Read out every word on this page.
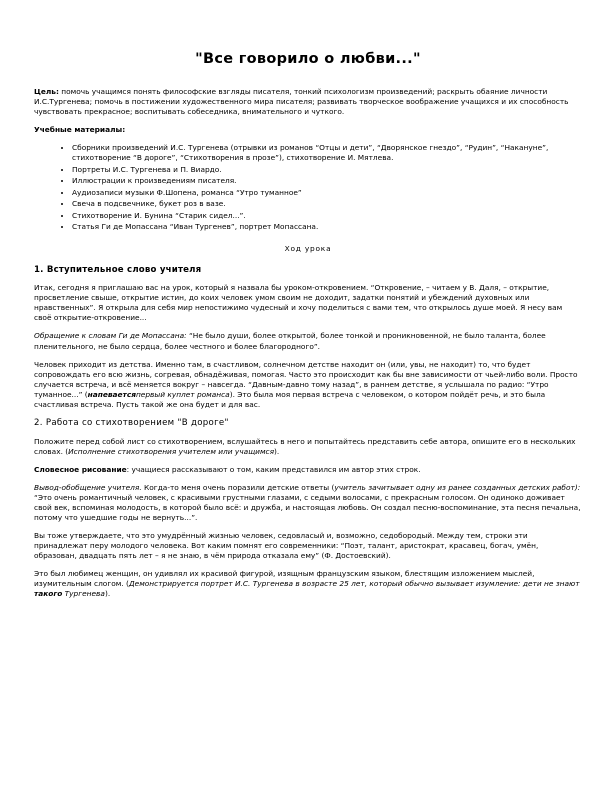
"Все говорило о любви..."

Цель: помочь учащимся понять философские взгляды писателя, тонкий психологизм произведений; раскрыть обаяние личности И.С.Тургенева; помочь в постижении художественного мира писателя; развивать творческое воображение учащихся и их способность чувствовать прекрасное; воспитывать собеседника, внимательного и чуткого.

Учебные материалы:

• Сборники произведений И.С. Тургенева (отрывки из романов “Отцы и дети”, “Дворянское гнездо”, “Рудин”, “Накануне”, стихотворение “В дороге”, “Стихотворения в прозе”), стихотворение И. Мятлева.
• Портреты И.С. Тургенева и П. Виардо.
• Иллюстрации к произведениям писателя.
• Аудиозаписи музыки Ф.Шопена, романса “Утро туманное”
• Свеча в подсвечнике, букет роз в вазе.
• Стихотворение И. Бунина “Старик сидел...”.
• Статья Ги де Мопассана “Иван Тургенев”, портрет Мопассана.

Ход урока

1. Вступительное слово учителя

Итак, сегодня я приглашаю вас на урок, который я назвала бы уроком-откровением. “Откровение, – читаем у В. Даля, – открытие, просветление свыше, открытие истин, до коих человек умом своим не доходит, задатки понятий и убеждений духовных или нравственных”. Я открыла для себя мир непостижимо чудесный и хочу поделиться с вами тем, что открылось душе моей. Я несу вам своё открытие-откровение...

Обращение к словам Ги де Мопассана: “Не было души, более открытой, более тонкой и проникновенной, не было таланта, более пленительного, не было сердца, более честного и более благородного”.

Человек приходит из детства. Именно там, в счастливом, солнечном детстве находит он (или, увы, не находит) то, что будет сопровождать его всю жизнь, согревая, обнадёживая, помогая. Часто это происходит как бы вне зависимости от чьей-либо воли. Просто случается встреча, и всё меняется вокруг – навсегда. “Давным-давно тому назад”, в раннем детстве, я услышала по радио: “Утро туманное...” (напеваетсяпервый куплет романса). Это была моя первая встреча с человеком, о котором пойдёт речь, и это была счастливая встреча. Пусть такой же она будет и для вас.

2. Работа со стихотворением "В дороге"

Положите перед собой лист со стихотворением, вслушайтесь в него и попытайтесь представить себе автора, опишите его в нескольких словах. (Исполнение стихотворения учителем или учащимся).

Словесное рисование: учащиеся рассказывают о том, каким представился им автор этих строк.

Вывод-обобщение учителя. Когда-то меня очень поразили детские ответы (учитель зачитывает одну из ранее созданных детских работ): “Это очень романтичный человек, с красивыми грустными глазами, с седыми волосами, с прекрасным голосом. Он одиноко доживает свой век, вспоминая молодость, в которой было всё: и дружба, и настоящая любовь. Он создал песню-воспоминание, эта песня печальна, потому что ушедшие годы не вернуть...”.

Вы тоже утверждаете, что это умудрённый жизнью человек, седовласый и, возможно, седобородый. Между тем, строки эти принадлежат перу молодого человека. Вот каким помнят его современники: “Поэт, талант, аристократ, красавец, богач, умён, образован, двадцать пять лет – я не знаю, в чём природа отказала ему” (Ф. Достоевский).

Это был любимец женщин, он удивлял их красивой фигурой, изящным французским языком, блестящим изложением мыслей, изумительным слогом. (Демонстрируется портрет И.С. Тургенева в возрасте 25 лет, который обычно вызывает изумление: дети не знают такого Тургенева).
